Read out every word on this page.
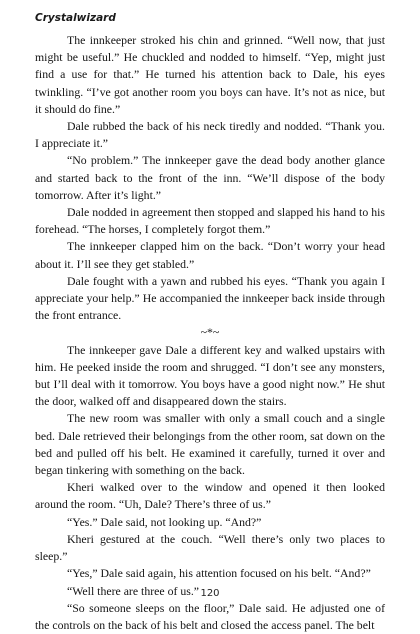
Crystalwizard

The innkeeper stroked his chin and grinned. “Well now, that just might be useful.” He chuckled and nodded to himself. “Yep, might just find a use for that.” He turned his attention back to Dale, his eyes twinkling. “I’ve got another room you boys can have. It’s not as nice, but it should do fine.”

Dale rubbed the back of his neck tiredly and nodded. “Thank you. I appreciate it.”

“No problem.” The innkeeper gave the dead body another glance and started back to the front of the inn. “We’ll dispose of the body tomorrow. After it’s light.”

Dale nodded in agreement then stopped and slapped his hand to his forehead. “The horses, I completely forgot them.”

The innkeeper clapped him on the back. “Don’t worry your head about it. I’ll see they get stabled.”

Dale fought with a yawn and rubbed his eyes. “Thank you again I appreciate your help.” He accompanied the innkeeper back inside through the front entrance.

~*~

The innkeeper gave Dale a different key and walked upstairs with him. He peeked inside the room and shrugged. “I don’t see any monsters, but I’ll deal with it tomorrow. You boys have a good night now.” He shut the door, walked off and disappeared down the stairs.

The new room was smaller with only a small couch and a single bed. Dale retrieved their belongings from the other room, sat down on the bed and pulled off his belt. He examined it carefully, turned it over and began tinkering with something on the back.

Kheri walked over to the window and opened it then looked around the room. “Uh, Dale? There’s three of us.”

“Yes.” Dale said, not looking up. “And?”

Kheri gestured at the couch. “Well there’s only two places to sleep.”

“Yes,” Dale said again, his attention focused on his belt. “And?”

“Well there are three of us.”

“So someone sleeps on the floor,” Dale said. He adjusted one of the controls on the back of his belt and closed the access panel. The belt

120
